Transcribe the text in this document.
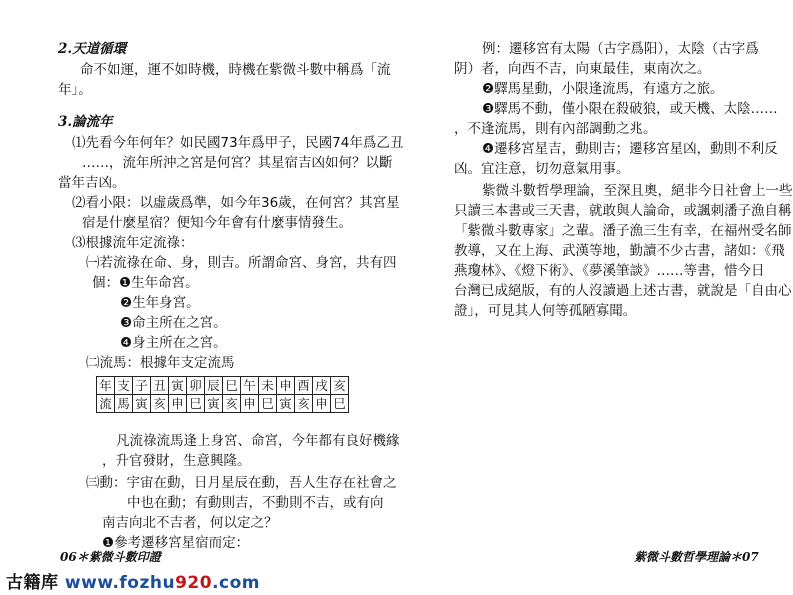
2.天道循環
命不如運，運不如時機，時機在紫微斗數中稱爲「流
年」。
3.論流年
⑴先看今年何年？如民國73年爲甲子，民國74年爲乙丑
……，流年所沖之宮是何宮？其星宿吉凶如何？以斷
當年吉凶。
⑵看小限：以虛歲爲準，如今年36歲，在何宮？其宮星
宿是什麼星宿？便知今年會有什麼事情發生。
⑶根據流年定流祿：
㈠若流祿在命、身，則吉。所謂命宮、身宮，共有四
個：❶生年命宮。
❷生年身宮。
❸命主所在之宮。
❹身主所在之宮。
㈡流馬：根據年支定流馬
年	支	子	丑	寅	卯	辰	巳	午	未	申	酉	戌	亥
流	馬	寅	亥	申	巳	寅	亥	申	巳	寅	亥	申	巳
凡流祿流馬逢上身宮、命宮，今年都有良好機緣
，升官發財，生意興隆。
㈢動：宇宙在動，日月星辰在動，吾人生存在社會之
中也在動；有動則吉，不動則不吉，或有向
南吉向北不吉者，何以定之？
❶參考遷移宮星宿而定：
06＊紫微斗數印證
例：遷移宮有太陽（古字爲阳），太陰（古字爲
阴）者，向西不吉，向東最佳，東南次之。
❷驛馬星動，小限逢流馬，有遠方之旅。
❸驛馬不動，僅小限在殺破狼，或天機、太陰……
，不逢流馬，則有內部調動之兆。
❹遷移宮星吉，動則吉；遷移宮星凶，動則不利反
凶。宜注意，切勿意氣用事。
紫微斗數哲學理論，至深且奧，絕非今日社會上一些
只讀三本書或三天書，就敢與人論命，或諷刺潘子漁自稱
「紫微斗數專家」之輩。潘子漁三生有幸，在福州受名師
教導，又在上海、武漢等地，勤讀不少古書，諸如：《飛
燕瓊林》、《燈下術》、《夢溪筆談》……等書，惜今日
台灣已成絕版，有的人沒讀過上述古書，就說是「自由心
證」，可見其人何等孤陋寡聞。
紫微斗數哲學理論＊07
古籍库 www.fozhu920.com
